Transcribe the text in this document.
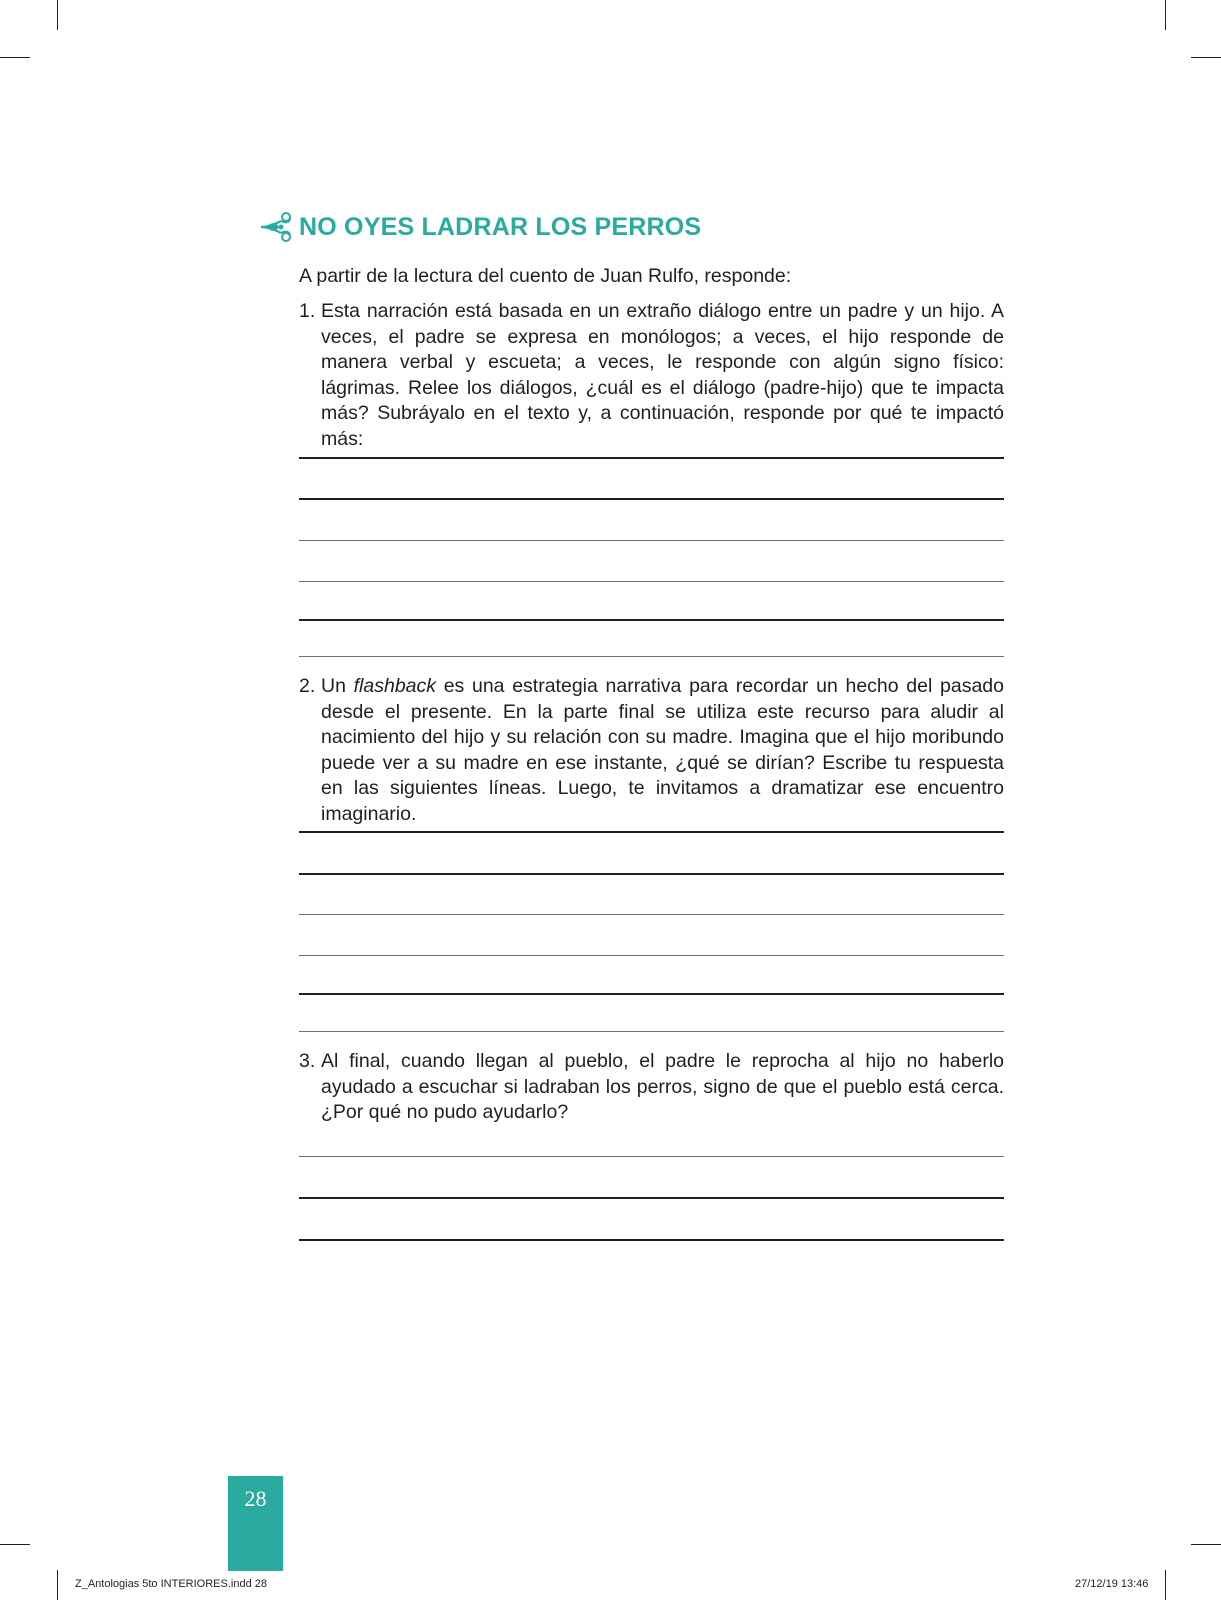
NO OYES LADRAR LOS PERROS
A partir de la lectura del cuento de Juan Rulfo, responde:
1. Esta narración está basada en un extraño diálogo entre un padre y un hijo. A veces, el padre se expresa en monólogos; a veces, el hijo responde de manera verbal y escueta; a veces, le responde con algún signo físico: lágrimas. Relee los diálogos, ¿cuál es el diálogo (padre-hijo) que te impacta más? Subráyalo en el texto y, a continuación, responde por qué te impactó más:
2. Un flashback es una estrategia narrativa para recordar un hecho del pasado desde el presente. En la parte final se utiliza este recurso para aludir al nacimiento del hijo y su relación con su madre. Imagina que el hijo moribundo puede ver a su madre en ese instante, ¿qué se dirían? Escribe tu respuesta en las siguientes líneas. Luego, te invitamos a dramatizar ese encuentro imaginario.
3. Al final, cuando llegan al pueblo, el padre le reprocha al hijo no haberlo ayudado a escuchar si ladraban los perros, signo de que el pueblo está cerca. ¿Por qué no pudo ayudarlo?
28
Z_Antologias 5to INTERIORES.indd 28	27/12/19 13:46
